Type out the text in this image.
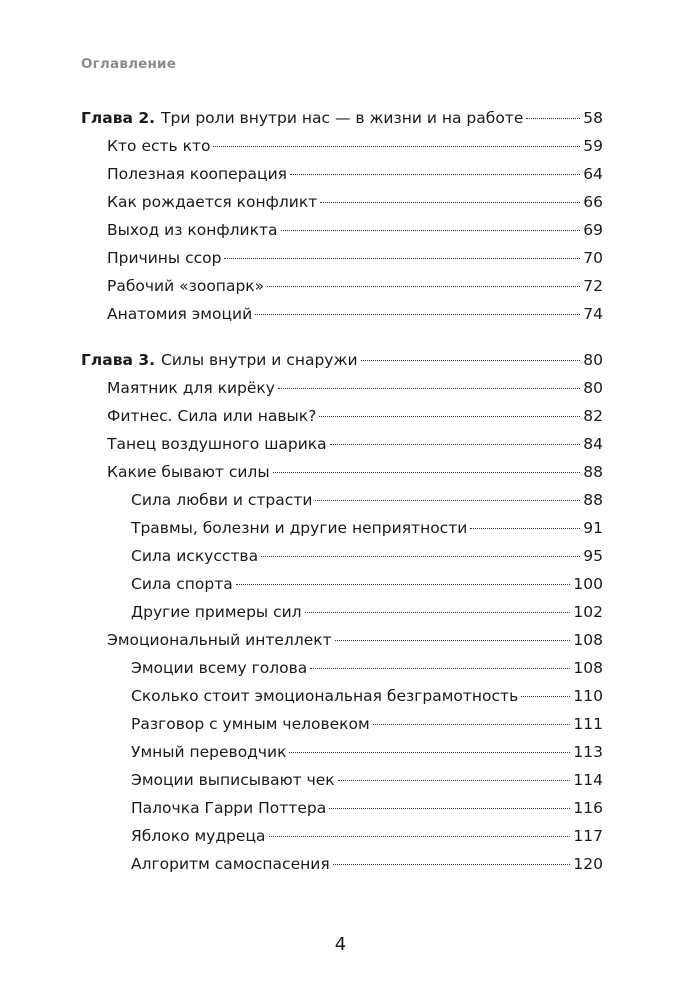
Оглавление
Глава 2. Три роли внутри нас — в жизни и на работе	58
Кто есть кто	59
Полезная кооперация	64
Как рождается конфликт	66
Выход из конфликта	69
Причины ссор	70
Рабочий «зоопарк»	72
Анатомия эмоций	74
Глава 3. Силы внутри и снаружи	80
Маятник для кирёку	80
Фитнес. Сила или навык?	82
Танец воздушного шарика	84
Какие бывают силы	88
Сила любви и страсти	88
Травмы, болезни и другие неприятности	91
Сила искусства	95
Сила спорта	100
Другие примеры сил	102
Эмоциональный интеллект	108
Эмоции всему голова	108
Сколько стоит эмоциональная безграмотность	110
Разговор с умным человеком	111
Умный переводчик	113
Эмоции выписывают чек	114
Палочка Гарри Поттера	116
Яблоко мудреца	117
Алгоритм самоспасения	120
4
